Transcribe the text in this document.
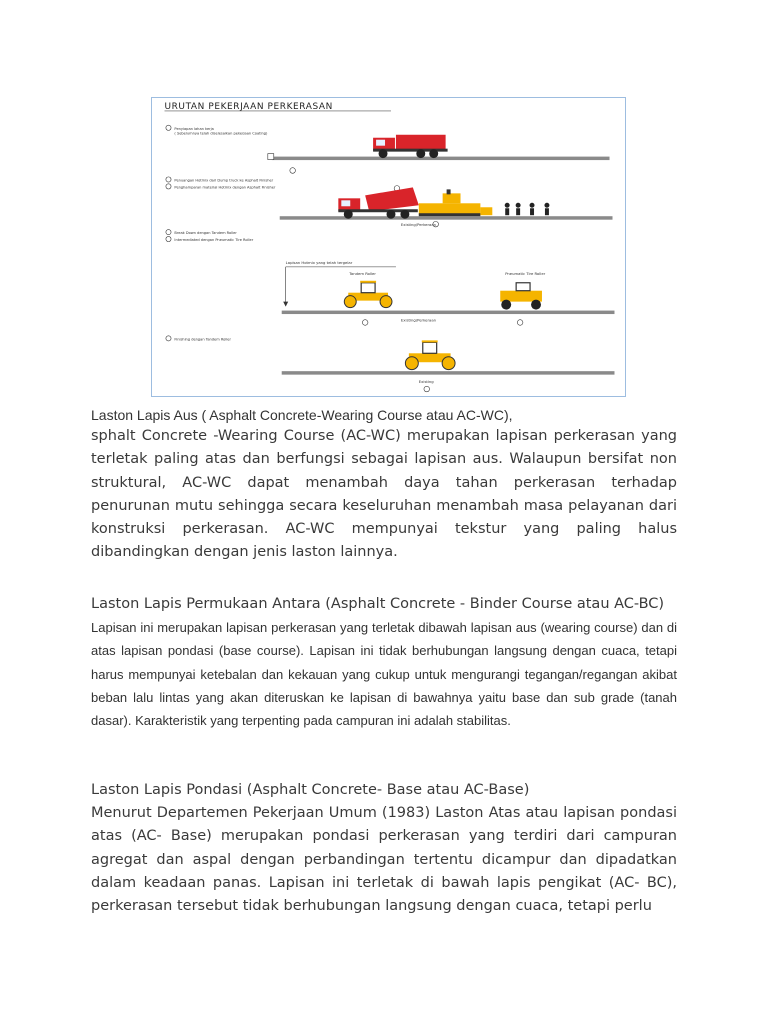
URUTAN PEKERJAAN PERKERASAN
Penyiapan lahan kerja
( Sebelumnya telah diselesaikan pekerjaan Coating)
Penuangan Hotmix dari Dump truck ke Asphalt Finisher
Penghamparan material Hotmix dengan Asphalt Finisher
Existing/Perkeraan
Break Down dengan Tandem Roller
Intermediated dengan Pneumatic Tire Roller
Lapisan Hotmix yang telah tergelar
Tandem Roller	Pneumatic Tire Roller
Existing/Perkeraan
Finishing dengan Tandem Roller
Existing

Laston Lapis Aus ( Asphalt Concrete-Wearing Course atau AC-WC),

sphalt Concrete -Wearing Course (AC-WC) merupakan lapisan perkerasan yang terletak paling atas dan berfungsi sebagai lapisan aus. Walaupun bersifat non struktural, AC-WC dapat menambah daya tahan perkerasan terhadap penurunan mutu sehingga secara keseluruhan menambah masa pelayanan dari konstruksi perkerasan. AC-WC mempunyai tekstur yang paling halus dibandingkan dengan jenis laston lainnya.

Laston Lapis Permukaan Antara (Asphalt Concrete - Binder Course atau AC-BC)

Lapisan ini merupakan lapisan perkerasan yang terletak dibawah lapisan aus (wearing course) dan di atas lapisan pondasi (base course). Lapisan ini tidak berhubungan langsung dengan cuaca, tetapi harus mempunyai ketebalan dan kekauan yang cukup untuk mengurangi tegangan/regangan akibat beban lalu lintas yang akan diteruskan ke lapisan di bawahnya yaitu base dan sub grade (tanah dasar). Karakteristik yang terpenting pada campuran ini adalah stabilitas.

Laston Lapis Pondasi (Asphalt Concrete- Base atau AC-Base)

Menurut Departemen Pekerjaan Umum (1983) Laston Atas atau lapisan pondasi atas (AC- Base) merupakan pondasi perkerasan yang terdiri dari campuran agregat dan aspal dengan perbandingan tertentu dicampur dan dipadatkan dalam keadaan panas. Lapisan ini terletak di bawah lapis pengikat (AC- BC), perkerasan tersebut tidak berhubungan langsung dengan cuaca, tetapi perlu
